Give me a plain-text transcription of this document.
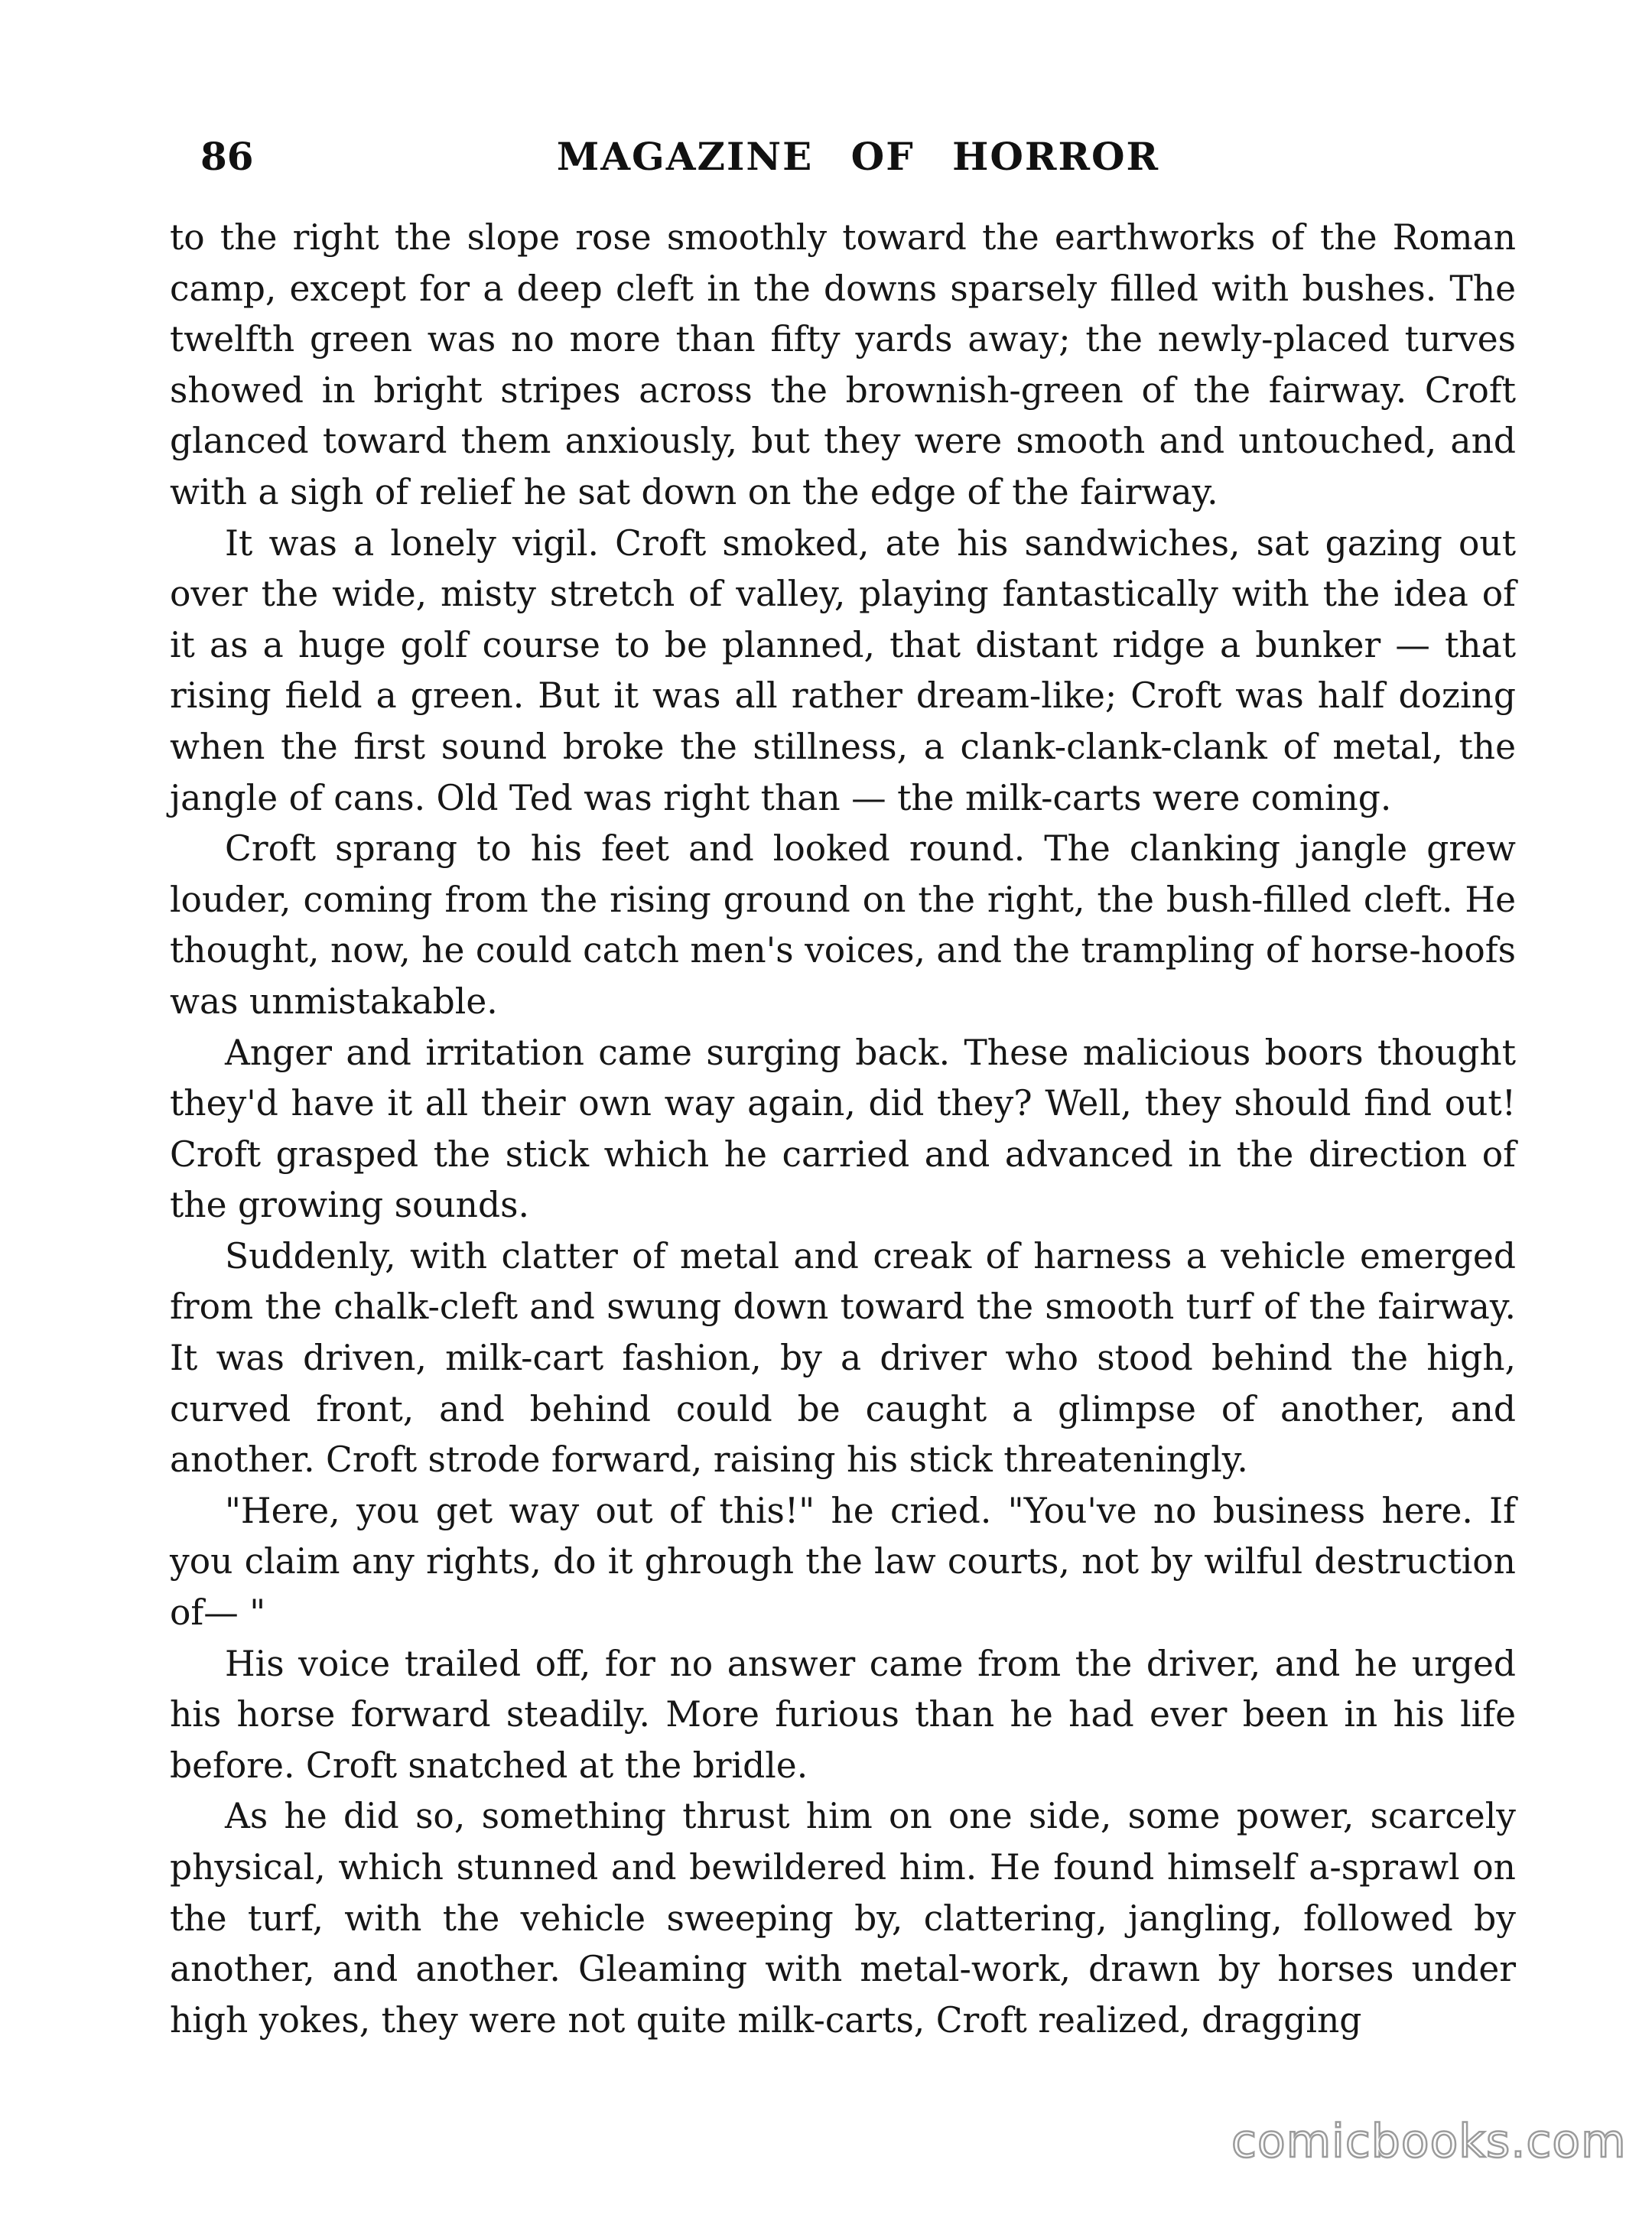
86	MAGAZINE OF HORROR

to the right the slope rose smoothly toward the earthworks of the Roman camp, except for a deep cleft in the downs sparsely filled with bushes. The twelfth green was no more than fifty yards away; the newly-placed turves showed in bright stripes across the brownish-green of the fairway. Croft glanced toward them anxiously, but they were smooth and untouched, and with a sigh of relief he sat down on the edge of the fairway.

It was a lonely vigil. Croft smoked, ate his sandwiches, sat gazing out over the wide, misty stretch of valley, playing fantastically with the idea of it as a huge golf course to be planned, that distant ridge a bunker — that rising field a green. But it was all rather dream-like; Croft was half dozing when the first sound broke the stillness, a clank-clank-clank of metal, the jangle of cans. Old Ted was right than — the milk-carts were coming.

Croft sprang to his feet and looked round. The clanking jangle grew louder, coming from the rising ground on the right, the bush-filled cleft. He thought, now, he could catch men's voices, and the trampling of horse-hoofs was unmistakable.

Anger and irritation came surging back. These malicious boors thought they'd have it all their own way again, did they? Well, they should find out! Croft grasped the stick which he carried and advanced in the direction of the growing sounds.

Suddenly, with clatter of metal and creak of harness a vehicle emerged from the chalk-cleft and swung down toward the smooth turf of the fairway. It was driven, milk-cart fashion, by a driver who stood behind the high, curved front, and behind could be caught a glimpse of another, and another. Croft strode forward, raising his stick threateningly.

"Here, you get way out of this!" he cried. "You've no business here. If you claim any rights, do it ghrough the law courts, not by wilful destruction of— "

His voice trailed off, for no answer came from the driver, and he urged his horse forward steadily. More furious than he had ever been in his life before. Croft snatched at the bridle.

As he did so, something thrust him on one side, some power, scarcely physical, which stunned and bewildered him. He found himself a-sprawl on the turf, with the vehicle sweeping by, clattering, jangling, followed by another, and another. Gleaming with metal-work, drawn by horses under high yokes, they were not quite milk-carts, Croft realized, dragging

comicbooks.com
